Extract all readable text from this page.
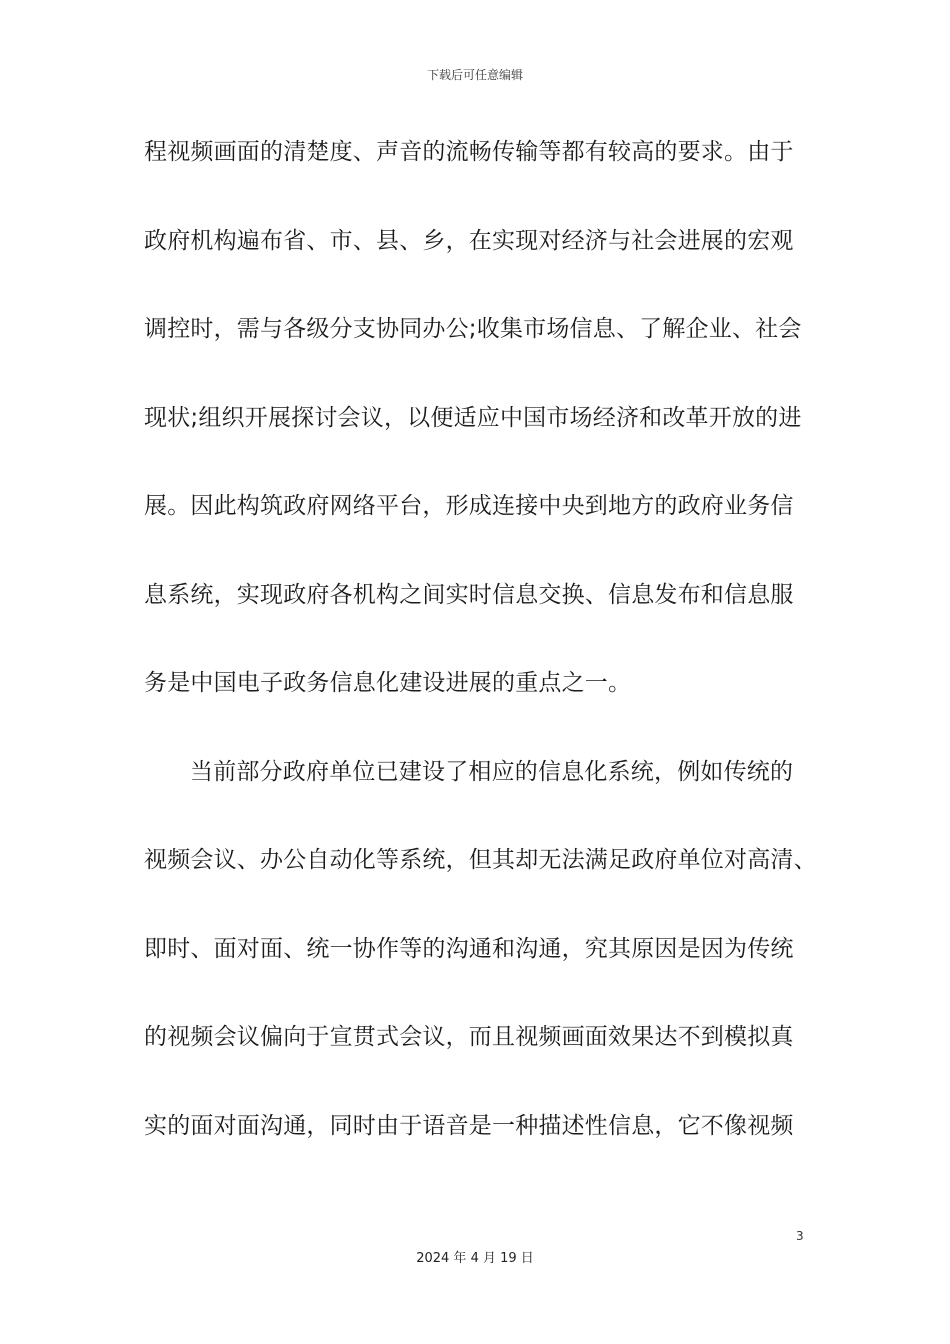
下载后可任意编辑
程视频画面的清楚度、声音的流畅传输等都有较高的要求。由于
政府机构遍布省、市、县、乡，在实现对经济与社会进展的宏观
调控时，需与各级分支协同办公;收集市场信息、了解企业、社会
现状;组织开展探讨会议，以便适应中国市场经济和改革开放的进
展。因此构筑政府网络平台，形成连接中央到地方的政府业务信
息系统，实现政府各机构之间实时信息交换、信息发布和信息服
务是中国电子政务信息化建设进展的重点之一。
当前部分政府单位已建设了相应的信息化系统，例如传统的
视频会议、办公自动化等系统，但其却无法满足政府单位对高清、
即时、面对面、统一协作等的沟通和沟通，究其原因是因为传统
的视频会议偏向于宣贯式会议，而且视频画面效果达不到模拟真
实的面对面沟通，同时由于语音是一种描述性信息，它不像视频
3
2024 年 4 月 19 日
